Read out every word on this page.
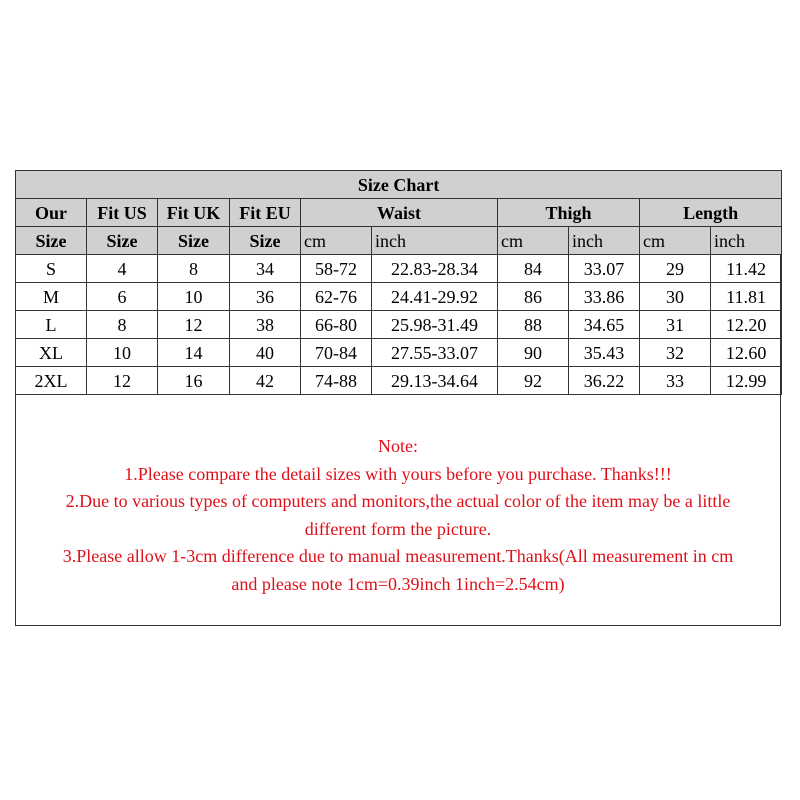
Size Chart									
Our	Fit US	Fit UK	Fit EU	Waist		Thigh		Length	
Size	Size	Size	Size	cm	inch	cm	inch	cm	inch
S	4	8	34	58-72	22.83-28.34	84	33.07	29	11.42
M	6	10	36	62-76	24.41-29.92	86	33.86	30	11.81
L	8	12	38	66-80	25.98-31.49	88	34.65	31	12.20
XL	10	14	40	70-84	27.55-33.07	90	35.43	32	12.60
2XL	12	16	42	74-88	29.13-34.64	92	36.22	33	12.99
Note:
1.Please compare the detail sizes with yours before you purchase. Thanks!!!
2.Due to various types of computers and monitors,the actual color of the item may be a little
different form the picture.
3.Please allow 1-3cm difference due to manual measurement.Thanks(All measurement in cm
and please note 1cm=0.39inch 1inch=2.54cm)
